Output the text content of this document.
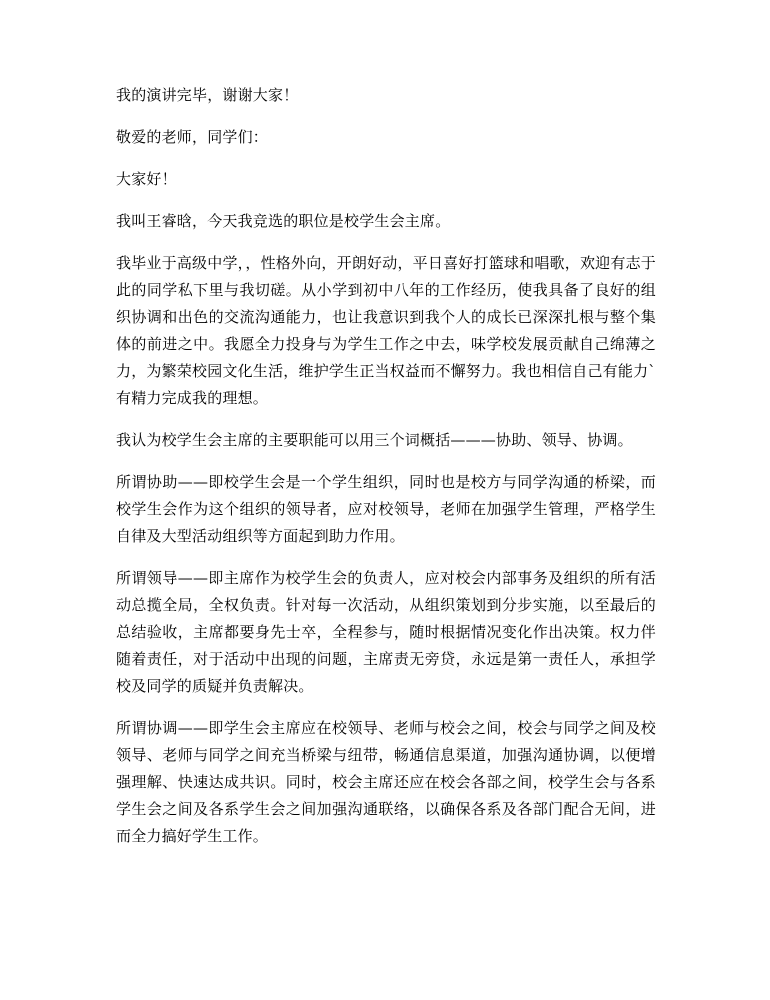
我的演讲完毕，谢谢大家！

敬爱的老师，同学们：

大家好！

我叫王睿晗，今天我竞选的职位是校学生会主席。

我毕业于高级中学，，性格外向，开朗好动，平日喜好打篮球和唱歌，欢迎有志于此的同学私下里与我切磋。从小学到初中八年的工作经历，使我具备了良好的组织协调和出色的交流沟通能力，也让我意识到我个人的成长已深深扎根与整个集体的前进之中。我愿全力投身与为学生工作之中去，味学校发展贡献自己绵薄之力，为繁荣校园文化生活，维护学生正当权益而不懈努力。我也相信自己有能力`有精力完成我的理想。

我认为校学生会主席的主要职能可以用三个词概括———协助、领导、协调。

所谓协助——即校学生会是一个学生组织，同时也是校方与同学沟通的桥梁，而校学生会作为这个组织的领导者，应对校领导，老师在加强学生管理，严格学生自律及大型活动组织等方面起到助力作用。

所谓领导——即主席作为校学生会的负责人，应对校会内部事务及组织的所有活动总揽全局，全权负责。针对每一次活动，从组织策划到分步实施，以至最后的总结验收，主席都要身先士卒，全程参与，随时根据情况变化作出决策。权力伴随着责任，对于活动中出现的问题，主席责无旁贷，永远是第一责任人，承担学校及同学的质疑并负责解决。

所谓协调——即学生会主席应在校领导、老师与校会之间，校会与同学之间及校领导、老师与同学之间充当桥梁与纽带，畅通信息渠道，加强沟通协调，以便增强理解、快速达成共识。同时，校会主席还应在校会各部之间，校学生会与各系学生会之间及各系学生会之间加强沟通联络，以确保各系及各部门配合无间，进而全力搞好学生工作。
